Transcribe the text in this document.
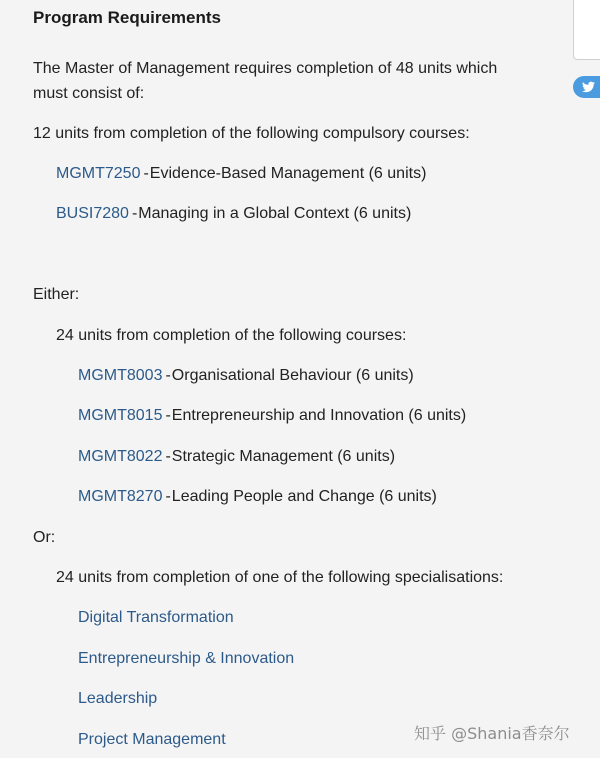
Program Requirements

The Master of Management requires completion of 48 units which must consist of:

12 units from completion of the following compulsory courses:

MGMT7250 -Evidence-Based Management (6 units)

BUSI7280 -Managing in a Global Context (6 units)

Either:

24 units from completion of the following courses:

MGMT8003 -Organisational Behaviour (6 units)

MGMT8015 -Entrepreneurship and Innovation (6 units)

MGMT8022 -Strategic Management (6 units)

MGMT8270 -Leading People and Change (6 units)

Or:

24 units from completion of one of the following specialisations:

Digital Transformation

Entrepreneurship & Innovation

Leadership

Project Management	知乎 @Shania香奈尔
